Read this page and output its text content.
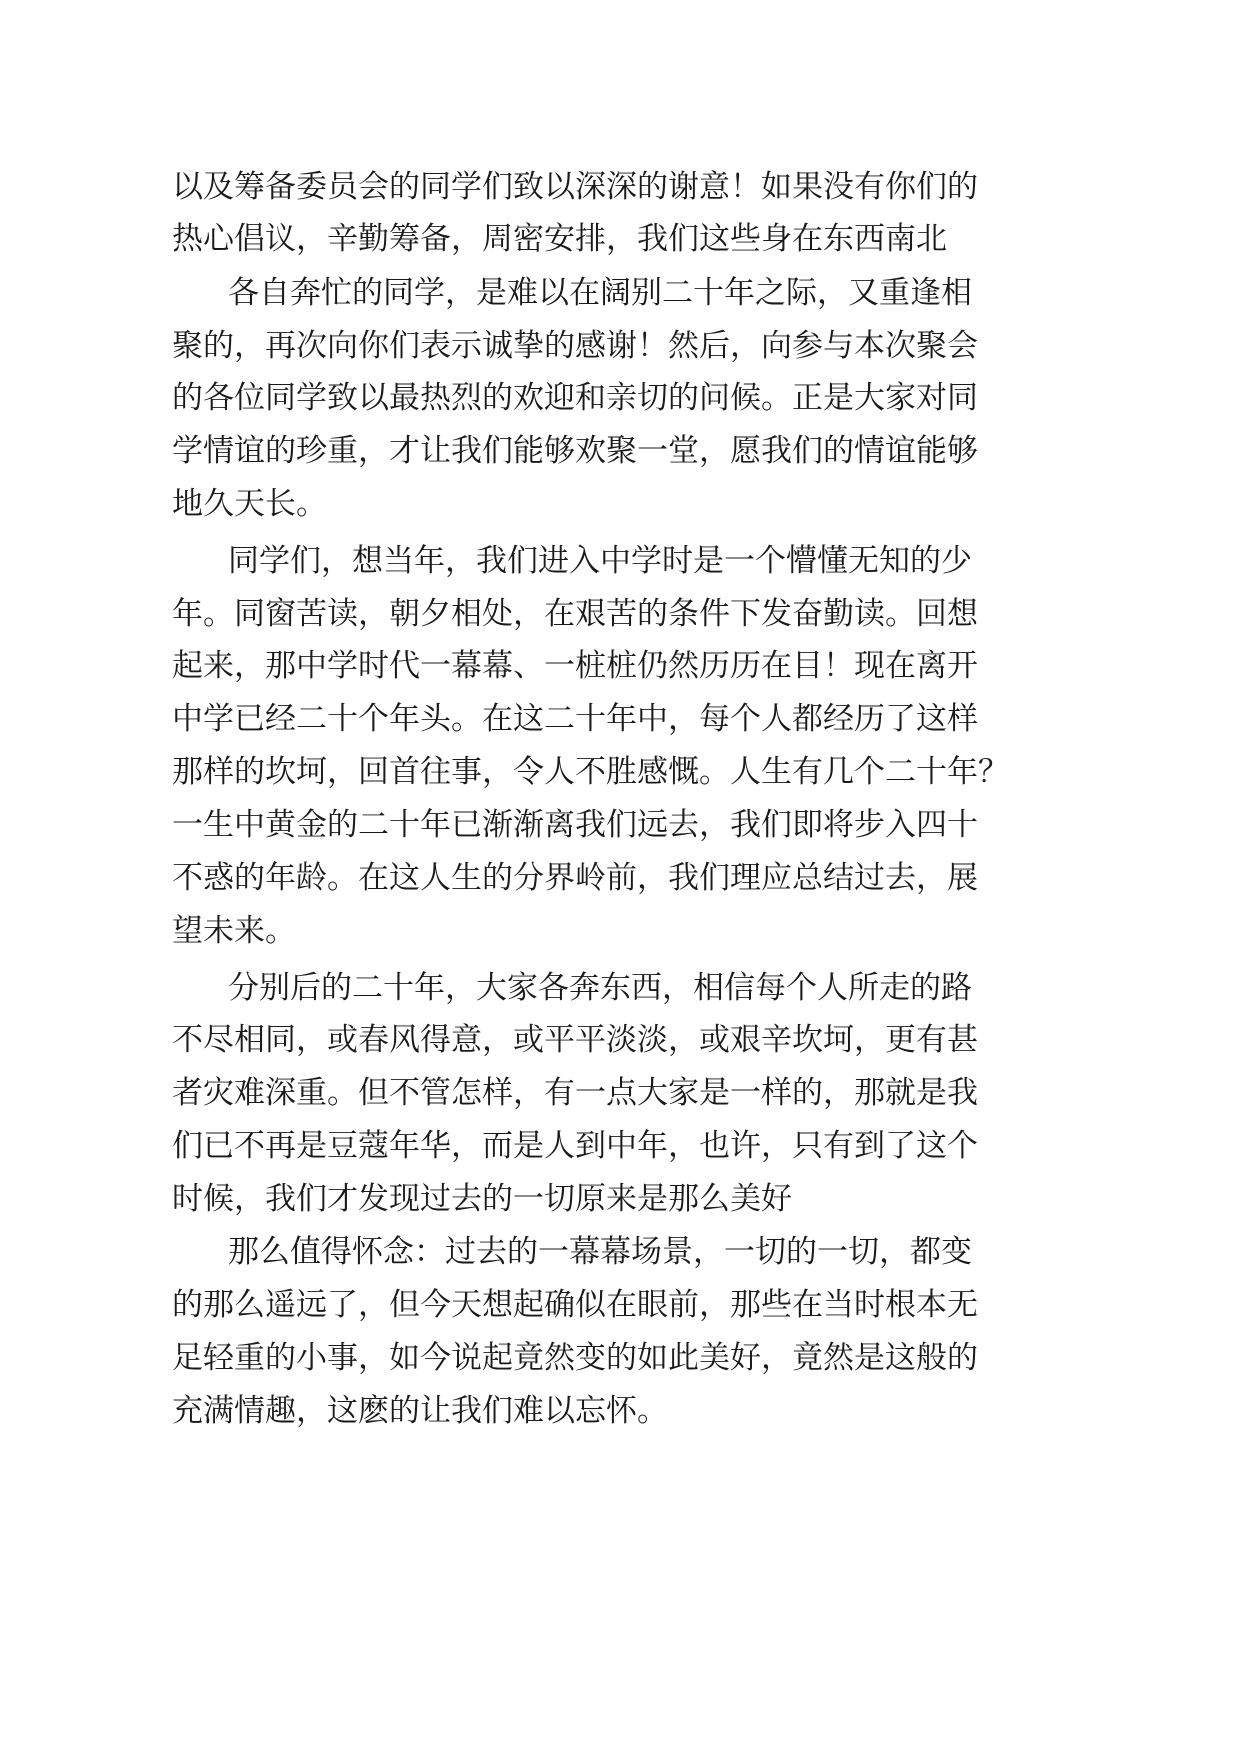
以及筹备委员会的同学们致以深深的谢意！如果没有你们的
热心倡议，辛勤筹备，周密安排，我们这些身在东西南北
各自奔忙的同学，是难以在阔别二十年之际，又重逢相
聚的，再次向你们表示诚挚的感谢！然后，向参与本次聚会
的各位同学致以最热烈的欢迎和亲切的问候。正是大家对同
学情谊的珍重，才让我们能够欢聚一堂，愿我们的情谊能够
地久天长。
同学们，想当年，我们进入中学时是一个懵懂无知的少
年。同窗苦读，朝夕相处，在艰苦的条件下发奋勤读。回想
起来，那中学时代一幕幕、一桩桩仍然历历在目！现在离开
中学已经二十个年头。在这二十年中，每个人都经历了这样
那样的坎坷，回首往事，令人不胜感慨。人生有几个二十年？
一生中黄金的二十年已渐渐离我们远去，我们即将步入四十
不惑的年龄。在这人生的分界岭前，我们理应总结过去，展
望未来。
分别后的二十年，大家各奔东西，相信每个人所走的路
不尽相同，或春风得意，或平平淡淡，或艰辛坎坷，更有甚
者灾难深重。但不管怎样，有一点大家是一样的，那就是我
们已不再是豆蔻年华，而是人到中年，也许，只有到了这个
时候，我们才发现过去的一切原来是那么美好
那么值得怀念：过去的一幕幕场景，一切的一切，都变
的那么遥远了，但今天想起确似在眼前，那些在当时根本无
足轻重的小事，如今说起竟然变的如此美好，竟然是这般的
充满情趣，这麽的让我们难以忘怀。
